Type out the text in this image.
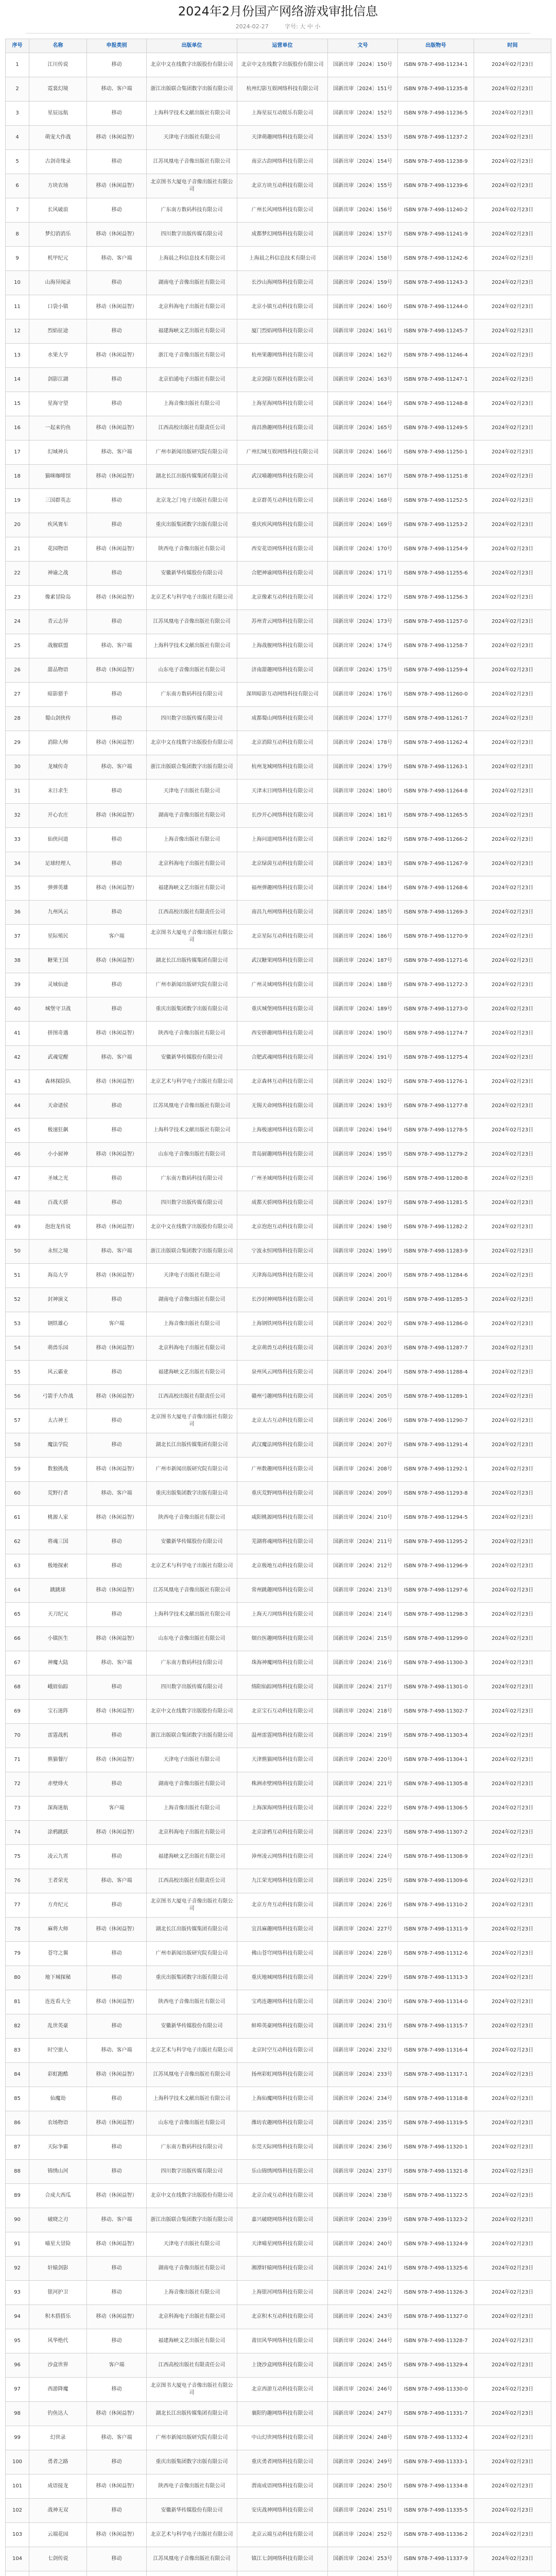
2024年2月份国产网络游戏审批信息
2024-02-27	字号: 大 中 小
序号	名称	申报类别	出版单位	运营单位	文号	出版物号	时间

1	江川传说	移动	北京中文在线数字出版股份有限公司	北京中文在线数字出版股份有限公司	国新出审〔2024〕150号	ISBN 978-7-498-11234-1	2024年02月23日

2	霓裳幻境	移动、客户端	浙江出版联合集团数字出版有限公司	杭州幻影互娱网络科技有限公司	国新出审〔2024〕151号	ISBN 978-7-498-11235-8	2024年02月23日

3	星辰远航	移动	上海科学技术文献出版社有限公司	上海星辰互动娱乐有限公司	国新出审〔2024〕152号	ISBN 978-7-498-11236-5	2024年02月23日

4	萌宠大作战	移动（休闲益智）	天津电子出版社有限公司	天津萌趣网络科技有限公司	国新出审〔2024〕153号	ISBN 978-7-498-11237-2	2024年02月23日

5	古剑奇缘录	移动	江苏凤凰电子音像出版社有限公司	南京古韵网络科技有限公司	国新出审〔2024〕154号	ISBN 978-7-498-11238-9	2024年02月23日

6	方块农场	移动（休闲益智）	北京图书大厦电子音像出版社有限公司	北京方块互动科技有限公司	国新出审〔2024〕155号	ISBN 978-7-498-11239-6	2024年02月23日

7	长风破浪	移动	广东南方数码科技有限公司	广州长风网络科技有限公司	国新出审〔2024〕156号	ISBN 978-7-498-11240-2	2024年02月23日

8	梦幻消消乐	移动（休闲益智）	四川数字出版传媒有限公司	成都梦幻网络科技有限公司	国新出审〔2024〕157号	ISBN 978-7-498-11241-9	2024年02月23日

9	机甲纪元	移动、客户端	上海晨之科信息技术有限公司	上海晨之科信息技术有限公司	国新出审〔2024〕158号	ISBN 978-7-498-11242-6	2024年02月23日

10	山海异闻录	移动	湖南电子音像出版社有限公司	长沙山海网络科技有限公司	国新出审〔2024〕159号	ISBN 978-7-498-11243-3	2024年02月23日

11	口袋小镇	移动（休闲益智）	北京科海电子出版社有限公司	北京小镇互动科技有限公司	国新出审〔2024〕160号	ISBN 978-7-498-11244-0	2024年02月23日

12	烈焰征途	移动	福建海峡文艺出版社有限公司	厦门烈焰网络科技有限公司	国新出审〔2024〕161号	ISBN 978-7-498-11245-7	2024年02月23日

13	水果大亨	移动（休闲益智）	浙江电子音像出版社有限公司	杭州果趣网络科技有限公司	国新出审〔2024〕162号	ISBN 978-7-498-11246-4	2024年02月23日

14	剑影江湖	移动	北京伯通电子出版社有限公司	北京剑影互娱科技有限公司	国新出审〔2024〕163号	ISBN 978-7-498-11247-1	2024年02月23日

15	星海守望	移动	上海音像出版社有限公司	上海星海网络科技有限公司	国新出审〔2024〕164号	ISBN 978-7-498-11248-8	2024年02月23日

16	一起来钓鱼	移动（休闲益智）	江西高校出版社有限责任公司	南昌渔趣网络科技有限公司	国新出审〔2024〕165号	ISBN 978-7-498-11249-5	2024年02月23日

17	幻域神兵	移动、客户端	广州市新闻出版研究院有限公司	广州幻域互娱网络科技有限公司	国新出审〔2024〕166号	ISBN 978-7-498-11250-1	2024年02月23日

18	猫咪咖啡馆	移动（休闲益智）	湖北长江出版传媒集团有限公司	武汉喵趣网络科技有限公司	国新出审〔2024〕167号	ISBN 978-7-498-11251-8	2024年02月23日

19	三国群英志	移动	北京龙之门电子出版社有限公司	北京群英互动科技有限公司	国新出审〔2024〕168号	ISBN 978-7-498-11252-5	2024年02月23日

20	疾风赛车	移动	重庆出版集团数字出版有限公司	重庆疾风网络科技有限公司	国新出审〔2024〕169号	ISBN 978-7-498-11253-2	2024年02月23日

21	花园物语	移动（休闲益智）	陕西电子音像出版社有限公司	西安花语网络科技有限公司	国新出审〔2024〕170号	ISBN 978-7-498-11254-9	2024年02月23日

22	神谕之战	移动	安徽新华传媒股份有限公司	合肥神谕网络科技有限公司	国新出审〔2024〕171号	ISBN 978-7-498-11255-6	2024年02月23日

23	像素冒险岛	移动（休闲益智）	北京艺术与科学电子出版社有限公司	北京像素互动科技有限公司	国新出审〔2024〕172号	ISBN 978-7-498-11256-3	2024年02月23日

24	青云志异	移动	江苏凤凰电子音像出版社有限公司	苏州青云网络科技有限公司	国新出审〔2024〕173号	ISBN 978-7-498-11257-0	2024年02月23日

25	战舰联盟	移动、客户端	上海科学技术文献出版社有限公司	上海战舰网络科技有限公司	国新出审〔2024〕174号	ISBN 978-7-498-11258-7	2024年02月23日

26	甜品物语	移动（休闲益智）	山东电子音像出版社有限公司	济南甜趣网络科技有限公司	国新出审〔2024〕175号	ISBN 978-7-498-11259-4	2024年02月23日

27	暗影猎手	移动	广东南方数码科技有限公司	深圳暗影互动网络科技有限公司	国新出审〔2024〕176号	ISBN 978-7-498-11260-0	2024年02月23日

28	蜀山剑侠传	移动	四川数字出版传媒有限公司	成都蜀山网络科技有限公司	国新出审〔2024〕177号	ISBN 978-7-498-11261-7	2024年02月23日

29	消除大师	移动（休闲益智）	北京中文在线数字出版股份有限公司	北京消除互动科技有限公司	国新出审〔2024〕178号	ISBN 978-7-498-11262-4	2024年02月23日

30	龙城传奇	移动、客户端	浙江出版联合集团数字出版有限公司	杭州龙城网络科技有限公司	国新出审〔2024〕179号	ISBN 978-7-498-11263-1	2024年02月23日

31	末日求生	移动	天津电子出版社有限公司	天津末日网络科技有限公司	国新出审〔2024〕180号	ISBN 978-7-498-11264-8	2024年02月23日

32	开心农庄	移动（休闲益智）	湖南电子音像出版社有限公司	长沙开心网络科技有限公司	国新出审〔2024〕181号	ISBN 978-7-498-11265-5	2024年02月23日

33	仙侠问道	移动	上海音像出版社有限公司	上海问道网络科技有限公司	国新出审〔2024〕182号	ISBN 978-7-498-11266-2	2024年02月23日

34	足球经理人	移动	北京科海电子出版社有限公司	北京绿茵互动科技有限公司	国新出审〔2024〕183号	ISBN 978-7-498-11267-9	2024年02月23日

35	弹弹英雄	移动（休闲益智）	福建海峡文艺出版社有限公司	福州弹趣网络科技有限公司	国新出审〔2024〕184号	ISBN 978-7-498-11268-6	2024年02月23日

36	九州风云	移动	江西高校出版社有限责任公司	南昌九州网络科技有限公司	国新出审〔2024〕185号	ISBN 978-7-498-11269-3	2024年02月23日

37	星际殖民	客户端	北京图书大厦电子音像出版社有限公司	北京星际互动科技有限公司	国新出审〔2024〕186号	ISBN 978-7-498-11270-9	2024年02月23日

38	糖果王国	移动（休闲益智）	湖北长江出版传媒集团有限公司	武汉糖果网络科技有限公司	国新出审〔2024〕187号	ISBN 978-7-498-11271-6	2024年02月23日

39	灵域仙途	移动	广州市新闻出版研究院有限公司	广州灵域网络科技有限公司	国新出审〔2024〕188号	ISBN 978-7-498-11272-3	2024年02月23日

40	城堡守卫战	移动	重庆出版集团数字出版有限公司	重庆城堡网络科技有限公司	国新出审〔2024〕189号	ISBN 978-7-498-11273-0	2024年02月23日

41	拼图奇遇	移动（休闲益智）	陕西电子音像出版社有限公司	西安拼趣网络科技有限公司	国新出审〔2024〕190号	ISBN 978-7-498-11274-7	2024年02月23日

42	武魂觉醒	移动、客户端	安徽新华传媒股份有限公司	合肥武魂网络科技有限公司	国新出审〔2024〕191号	ISBN 978-7-498-11275-4	2024年02月23日

43	森林探险队	移动（休闲益智）	北京艺术与科学电子出版社有限公司	北京森林互动科技有限公司	国新出审〔2024〕192号	ISBN 978-7-498-11276-1	2024年02月23日

44	天命诸侯	移动	江苏凤凰电子音像出版社有限公司	无锡天命网络科技有限公司	国新出审〔2024〕193号	ISBN 978-7-498-11277-8	2024年02月23日

45	极速狂飙	移动	上海科学技术文献出版社有限公司	上海极速网络科技有限公司	国新出审〔2024〕194号	ISBN 978-7-498-11278-5	2024年02月23日

46	小小厨神	移动（休闲益智）	山东电子音像出版社有限公司	青岛厨趣网络科技有限公司	国新出审〔2024〕195号	ISBN 978-7-498-11279-2	2024年02月23日

47	圣域之光	移动	广东南方数码科技有限公司	广州圣域网络科技有限公司	国新出审〔2024〕196号	ISBN 978-7-498-11280-8	2024年02月23日

48	百战天骄	移动	四川数字出版传媒有限公司	成都天骄网络科技有限公司	国新出审〔2024〕197号	ISBN 978-7-498-11281-5	2024年02月23日

49	泡泡龙传说	移动（休闲益智）	北京中文在线数字出版股份有限公司	北京泡泡互动科技有限公司	国新出审〔2024〕198号	ISBN 978-7-498-11282-2	2024年02月23日

50	永恒之境	移动、客户端	浙江出版联合集团数字出版有限公司	宁波永恒网络科技有限公司	国新出审〔2024〕199号	ISBN 978-7-498-11283-9	2024年02月23日

51	海岛大亨	移动（休闲益智）	天津电子出版社有限公司	天津海岛网络科技有限公司	国新出审〔2024〕200号	ISBN 978-7-498-11284-6	2024年02月23日

52	封神演义	移动	湖南电子音像出版社有限公司	长沙封神网络科技有限公司	国新出审〔2024〕201号	ISBN 978-7-498-11285-3	2024年02月23日

53	钢铁雄心	客户端	上海音像出版社有限公司	上海钢铁网络科技有限公司	国新出审〔2024〕202号	ISBN 978-7-498-11286-0	2024年02月23日

54	萌兽乐园	移动（休闲益智）	北京科海电子出版社有限公司	北京萌兽互动科技有限公司	国新出审〔2024〕203号	ISBN 978-7-498-11287-7	2024年02月23日

55	风云霸业	移动	福建海峡文艺出版社有限公司	泉州风云网络科技有限公司	国新出审〔2024〕204号	ISBN 978-7-498-11288-4	2024年02月23日

56	弓箭手大作战	移动（休闲益智）	江西高校出版社有限责任公司	赣州弓趣网络科技有限公司	国新出审〔2024〕205号	ISBN 978-7-498-11289-1	2024年02月23日

57	太古神王	移动	北京图书大厦电子音像出版社有限公司	北京太古互动科技有限公司	国新出审〔2024〕206号	ISBN 978-7-498-11290-7	2024年02月23日

58	魔法学院	移动	湖北长江出版传媒集团有限公司	武汉魔法网络科技有限公司	国新出审〔2024〕207号	ISBN 978-7-498-11291-4	2024年02月23日

59	数独挑战	移动（休闲益智）	广州市新闻出版研究院有限公司	广州数趣网络科技有限公司	国新出审〔2024〕208号	ISBN 978-7-498-11292-1	2024年02月23日

60	荒野行者	移动、客户端	重庆出版集团数字出版有限公司	重庆荒野网络科技有限公司	国新出审〔2024〕209号	ISBN 978-7-498-11293-8	2024年02月23日

61	桃源人家	移动（休闲益智）	陕西电子音像出版社有限公司	咸阳桃源网络科技有限公司	国新出审〔2024〕210号	ISBN 978-7-498-11294-5	2024年02月23日

62	将魂三国	移动	安徽新华传媒股份有限公司	芜湖将魂网络科技有限公司	国新出审〔2024〕211号	ISBN 978-7-498-11295-2	2024年02月23日

63	极地探索	移动	北京艺术与科学电子出版社有限公司	北京极地互动科技有限公司	国新出审〔2024〕212号	ISBN 978-7-498-11296-9	2024年02月23日

64	跳跳球	移动（休闲益智）	江苏凤凰电子音像出版社有限公司	常州跳趣网络科技有限公司	国新出审〔2024〕213号	ISBN 978-7-498-11297-6	2024年02月23日

65	天刀纪元	移动	上海科学技术文献出版社有限公司	上海天刀网络科技有限公司	国新出审〔2024〕214号	ISBN 978-7-498-11298-3	2024年02月23日

66	小镇医生	移动（休闲益智）	山东电子音像出版社有限公司	烟台医趣网络科技有限公司	国新出审〔2024〕215号	ISBN 978-7-498-11299-0	2024年02月23日

67	神魔大陆	移动、客户端	广东南方数码科技有限公司	珠海神魔网络科技有限公司	国新出审〔2024〕216号	ISBN 978-7-498-11300-3	2024年02月23日

68	峨眉仙踪	移动	四川数字出版传媒有限公司	绵阳仙踪网络科技有限公司	国新出审〔2024〕217号	ISBN 978-7-498-11301-0	2024年02月23日

69	宝石迷阵	移动（休闲益智）	北京中文在线数字出版股份有限公司	北京宝石互动科技有限公司	国新出审〔2024〕218号	ISBN 978-7-498-11302-7	2024年02月23日

70	雷霆战机	移动	浙江出版联合集团数字出版有限公司	温州雷霆网络科技有限公司	国新出审〔2024〕219号	ISBN 978-7-498-11303-4	2024年02月23日

71	熊猫餐厅	移动（休闲益智）	天津电子出版社有限公司	天津熊猫网络科技有限公司	国新出审〔2024〕220号	ISBN 978-7-498-11304-1	2024年02月23日

72	赤壁烽火	移动	湖南电子音像出版社有限公司	株洲赤壁网络科技有限公司	国新出审〔2024〕221号	ISBN 978-7-498-11305-8	2024年02月23日

73	深海迷航	客户端	上海音像出版社有限公司	上海深海网络科技有限公司	国新出审〔2024〕222号	ISBN 978-7-498-11306-5	2024年02月23日

74	涂鸦跳跃	移动（休闲益智）	北京科海电子出版社有限公司	北京涂鸦互动科技有限公司	国新出审〔2024〕223号	ISBN 978-7-498-11307-2	2024年02月23日

75	凌云九霄	移动	福建海峡文艺出版社有限公司	漳州凌云网络科技有限公司	国新出审〔2024〕224号	ISBN 978-7-498-11308-9	2024年02月23日

76	王者荣光	移动、客户端	江西高校出版社有限责任公司	九江荣光网络科技有限公司	国新出审〔2024〕225号	ISBN 978-7-498-11309-6	2024年02月23日

77	方舟纪元	移动	北京图书大厦电子音像出版社有限公司	北京方舟互动科技有限公司	国新出审〔2024〕226号	ISBN 978-7-498-11310-2	2024年02月23日

78	麻将大师	移动（休闲益智）	湖北长江出版传媒集团有限公司	宜昌麻趣网络科技有限公司	国新出审〔2024〕227号	ISBN 978-7-498-11311-9	2024年02月23日

79	苍穹之翼	移动	广州市新闻出版研究院有限公司	佛山苍穹网络科技有限公司	国新出审〔2024〕228号	ISBN 978-7-498-11312-6	2024年02月23日

80	地下城探秘	移动	重庆出版集团数字出版有限公司	重庆地城网络科技有限公司	国新出审〔2024〕229号	ISBN 978-7-498-11313-3	2024年02月23日

81	连连看大全	移动（休闲益智）	陕西电子音像出版社有限公司	宝鸡连趣网络科技有限公司	国新出审〔2024〕230号	ISBN 978-7-498-11314-0	2024年02月23日

82	乱世英豪	移动	安徽新华传媒股份有限公司	蚌埠英豪网络科技有限公司	国新出审〔2024〕231号	ISBN 978-7-498-11315-7	2024年02月23日

83	时空旅人	移动、客户端	北京艺术与科学电子出版社有限公司	北京时空互动科技有限公司	国新出审〔2024〕232号	ISBN 978-7-498-11316-4	2024年02月23日

84	彩虹跑酷	移动（休闲益智）	江苏凤凰电子音像出版社有限公司	扬州彩虹网络科技有限公司	国新出审〔2024〕233号	ISBN 978-7-498-11317-1	2024年02月23日

85	仙魔劫	移动	上海科学技术文献出版社有限公司	上海仙魔网络科技有限公司	国新出审〔2024〕234号	ISBN 978-7-498-11318-8	2024年02月23日

86	农场物语	移动（休闲益智）	山东电子音像出版社有限公司	潍坊农趣网络科技有限公司	国新出审〔2024〕235号	ISBN 978-7-498-11319-5	2024年02月23日

87	天际争霸	移动	广东南方数码科技有限公司	东莞天际网络科技有限公司	国新出审〔2024〕236号	ISBN 978-7-498-11320-1	2024年02月23日

88	锦绣山河	移动	四川数字出版传媒有限公司	乐山锦绣网络科技有限公司	国新出审〔2024〕237号	ISBN 978-7-498-11321-8	2024年02月23日

89	合成大西瓜	移动（休闲益智）	北京中文在线数字出版股份有限公司	北京合成互动科技有限公司	国新出审〔2024〕238号	ISBN 978-7-498-11322-5	2024年02月23日

90	破晓之刃	移动、客户端	浙江出版联合集团数字出版有限公司	嘉兴破晓网络科技有限公司	国新出审〔2024〕239号	ISBN 978-7-498-11323-2	2024年02月23日

91	喵星大冒险	移动（休闲益智）	天津电子出版社有限公司	天津喵星网络科技有限公司	国新出审〔2024〕240号	ISBN 978-7-498-11324-9	2024年02月23日

92	轩辕剑影	移动	湖南电子音像出版社有限公司	湘潭轩辕网络科技有限公司	国新出审〔2024〕241号	ISBN 978-7-498-11325-6	2024年02月23日

93	银河护卫	移动	上海音像出版社有限公司	上海银河网络科技有限公司	国新出审〔2024〕242号	ISBN 978-7-498-11326-3	2024年02月23日

94	积木搭搭乐	移动（休闲益智）	北京科海电子出版社有限公司	北京积木互动科技有限公司	国新出审〔2024〕243号	ISBN 978-7-498-11327-0	2024年02月23日

95	风华绝代	移动	福建海峡文艺出版社有限公司	莆田风华网络科技有限公司	国新出审〔2024〕244号	ISBN 978-7-498-11328-7	2024年02月23日

96	沙盒世界	客户端	江西高校出版社有限责任公司	上饶沙盒网络科技有限公司	国新出审〔2024〕245号	ISBN 978-7-498-11329-4	2024年02月23日

97	西游降魔	移动	北京图书大厦电子音像出版社有限公司	北京西游互动科技有限公司	国新出审〔2024〕246号	ISBN 978-7-498-11330-0	2024年02月23日

98	钓鱼达人	移动（休闲益智）	湖北长江出版传媒集团有限公司	襄阳钓趣网络科技有限公司	国新出审〔2024〕247号	ISBN 978-7-498-11331-7	2024年02月23日

99	幻世录	移动、客户端	广州市新闻出版研究院有限公司	中山幻世网络科技有限公司	国新出审〔2024〕248号	ISBN 978-7-498-11332-4	2024年02月23日

100	勇者之路	移动	重庆出版集团数字出版有限公司	重庆勇者网络科技有限公司	国新出审〔2024〕249号	ISBN 978-7-498-11333-1	2024年02月23日

101	成语接龙	移动（休闲益智）	陕西电子音像出版社有限公司	渭南成语网络科技有限公司	国新出审〔2024〕250号	ISBN 978-7-498-11334-8	2024年02月23日

102	战神无双	移动	安徽新华传媒股份有限公司	安庆战神网络科技有限公司	国新出审〔2024〕251号	ISBN 978-7-498-11335-5	2024年02月23日

103	云端花园	移动（休闲益智）	北京艺术与科学电子出版社有限公司	北京云端互动科技有限公司	国新出审〔2024〕252号	ISBN 978-7-498-11336-2	2024年02月23日

104	七剑传说	移动	江苏凤凰电子音像出版社有限公司	镇江七剑网络科技有限公司	国新出审〔2024〕253号	ISBN 978-7-498-11337-9	2024年02月23日
